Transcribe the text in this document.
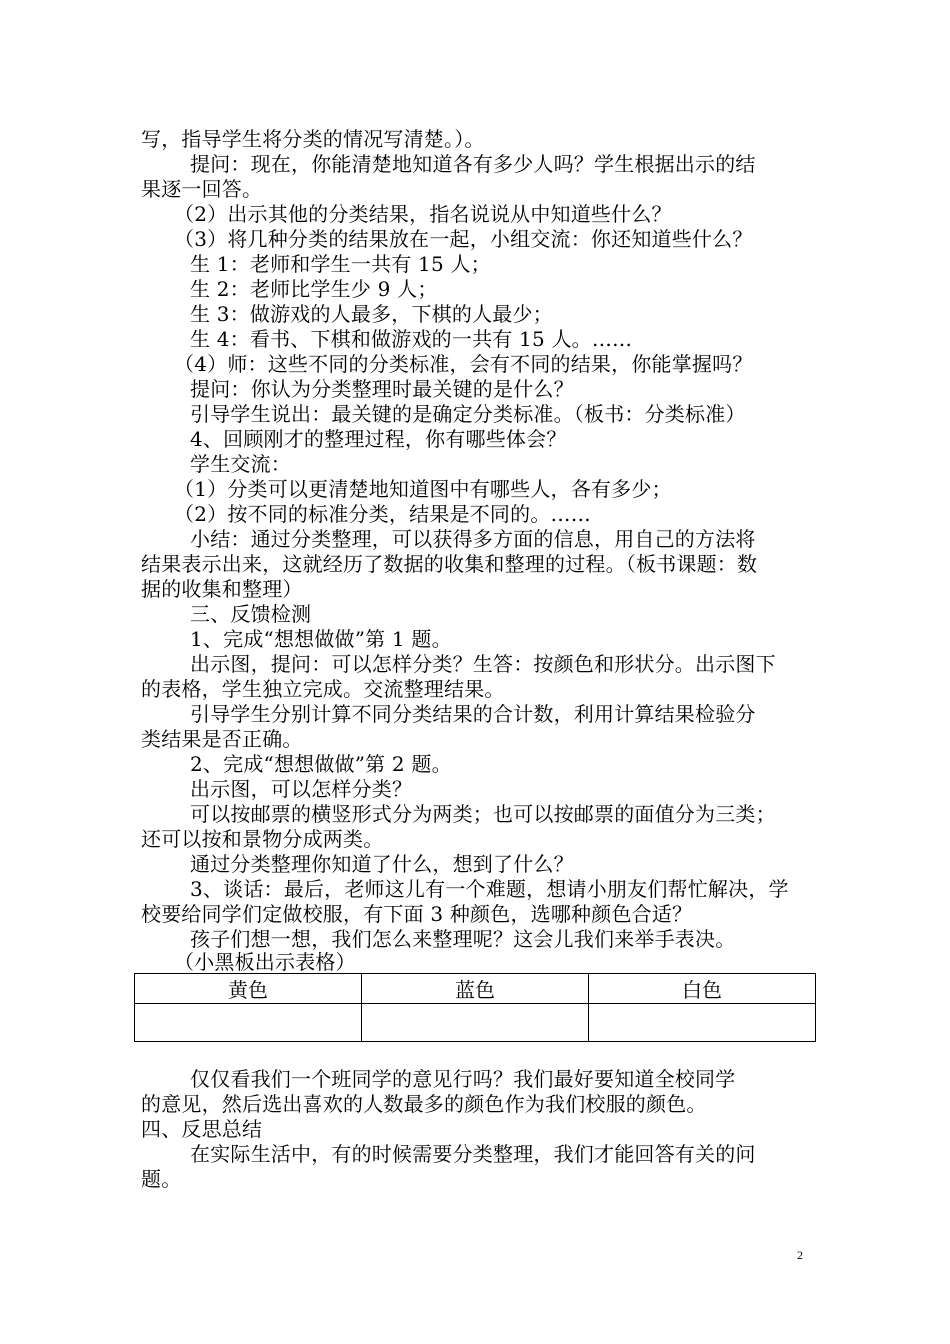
写，指导学生将分类的情况写清楚。）。
提问：现在，你能清楚地知道各有多少人吗？学生根据出示的结
果逐一回答。
（2）出示其他的分类结果，指名说说从中知道些什么？
（3）将几种分类的结果放在一起，小组交流：你还知道些什么？
生 1：老师和学生一共有 15 人；
生 2：老师比学生少 9 人；
生 3：做游戏的人最多，下棋的人最少；
生 4：看书、下棋和做游戏的一共有 15 人。……
（4）师：这些不同的分类标准，会有不同的结果，你能掌握吗？
提问：你认为分类整理时最关键的是什么？
引导学生说出：最关键的是确定分类标准。（板书：分类标准）
4、回顾刚才的整理过程，你有哪些体会？
学生交流：
（1）分类可以更清楚地知道图中有哪些人，各有多少；
（2）按不同的标准分类，结果是不同的。……
小结：通过分类整理，可以获得多方面的信息，用自己的方法将
结果表示出来，这就经历了数据的收集和整理的过程。（板书课题：数
据的收集和整理）
三、反馈检测
1、完成“想想做做”第 1 题。
出示图，提问：可以怎样分类？生答：按颜色和形状分。出示图下
的表格，学生独立完成。交流整理结果。
引导学生分别计算不同分类结果的合计数，利用计算结果检验分
类结果是否正确。
2、完成“想想做做”第 2 题。
出示图，可以怎样分类？
可以按邮票的横竖形式分为两类；也可以按邮票的面值分为三类；
还可以按和景物分成两类。
通过分类整理你知道了什么，想到了什么？
3、谈话：最后，老师这儿有一个难题，想请小朋友们帮忙解决，学
校要给同学们定做校服，有下面 3 种颜色，选哪种颜色合适？
孩子们想一想，我们怎么来整理呢？这会儿我们来举手表决。
（小黑板出示表格）
黄色	蓝色	白色

仅仅看我们一个班同学的意见行吗？我们最好要知道全校同学
的意见，然后选出喜欢的人数最多的颜色作为我们校服的颜色。
四、反思总结
在实际生活中，有的时候需要分类整理，我们才能回答有关的问
题。
2
